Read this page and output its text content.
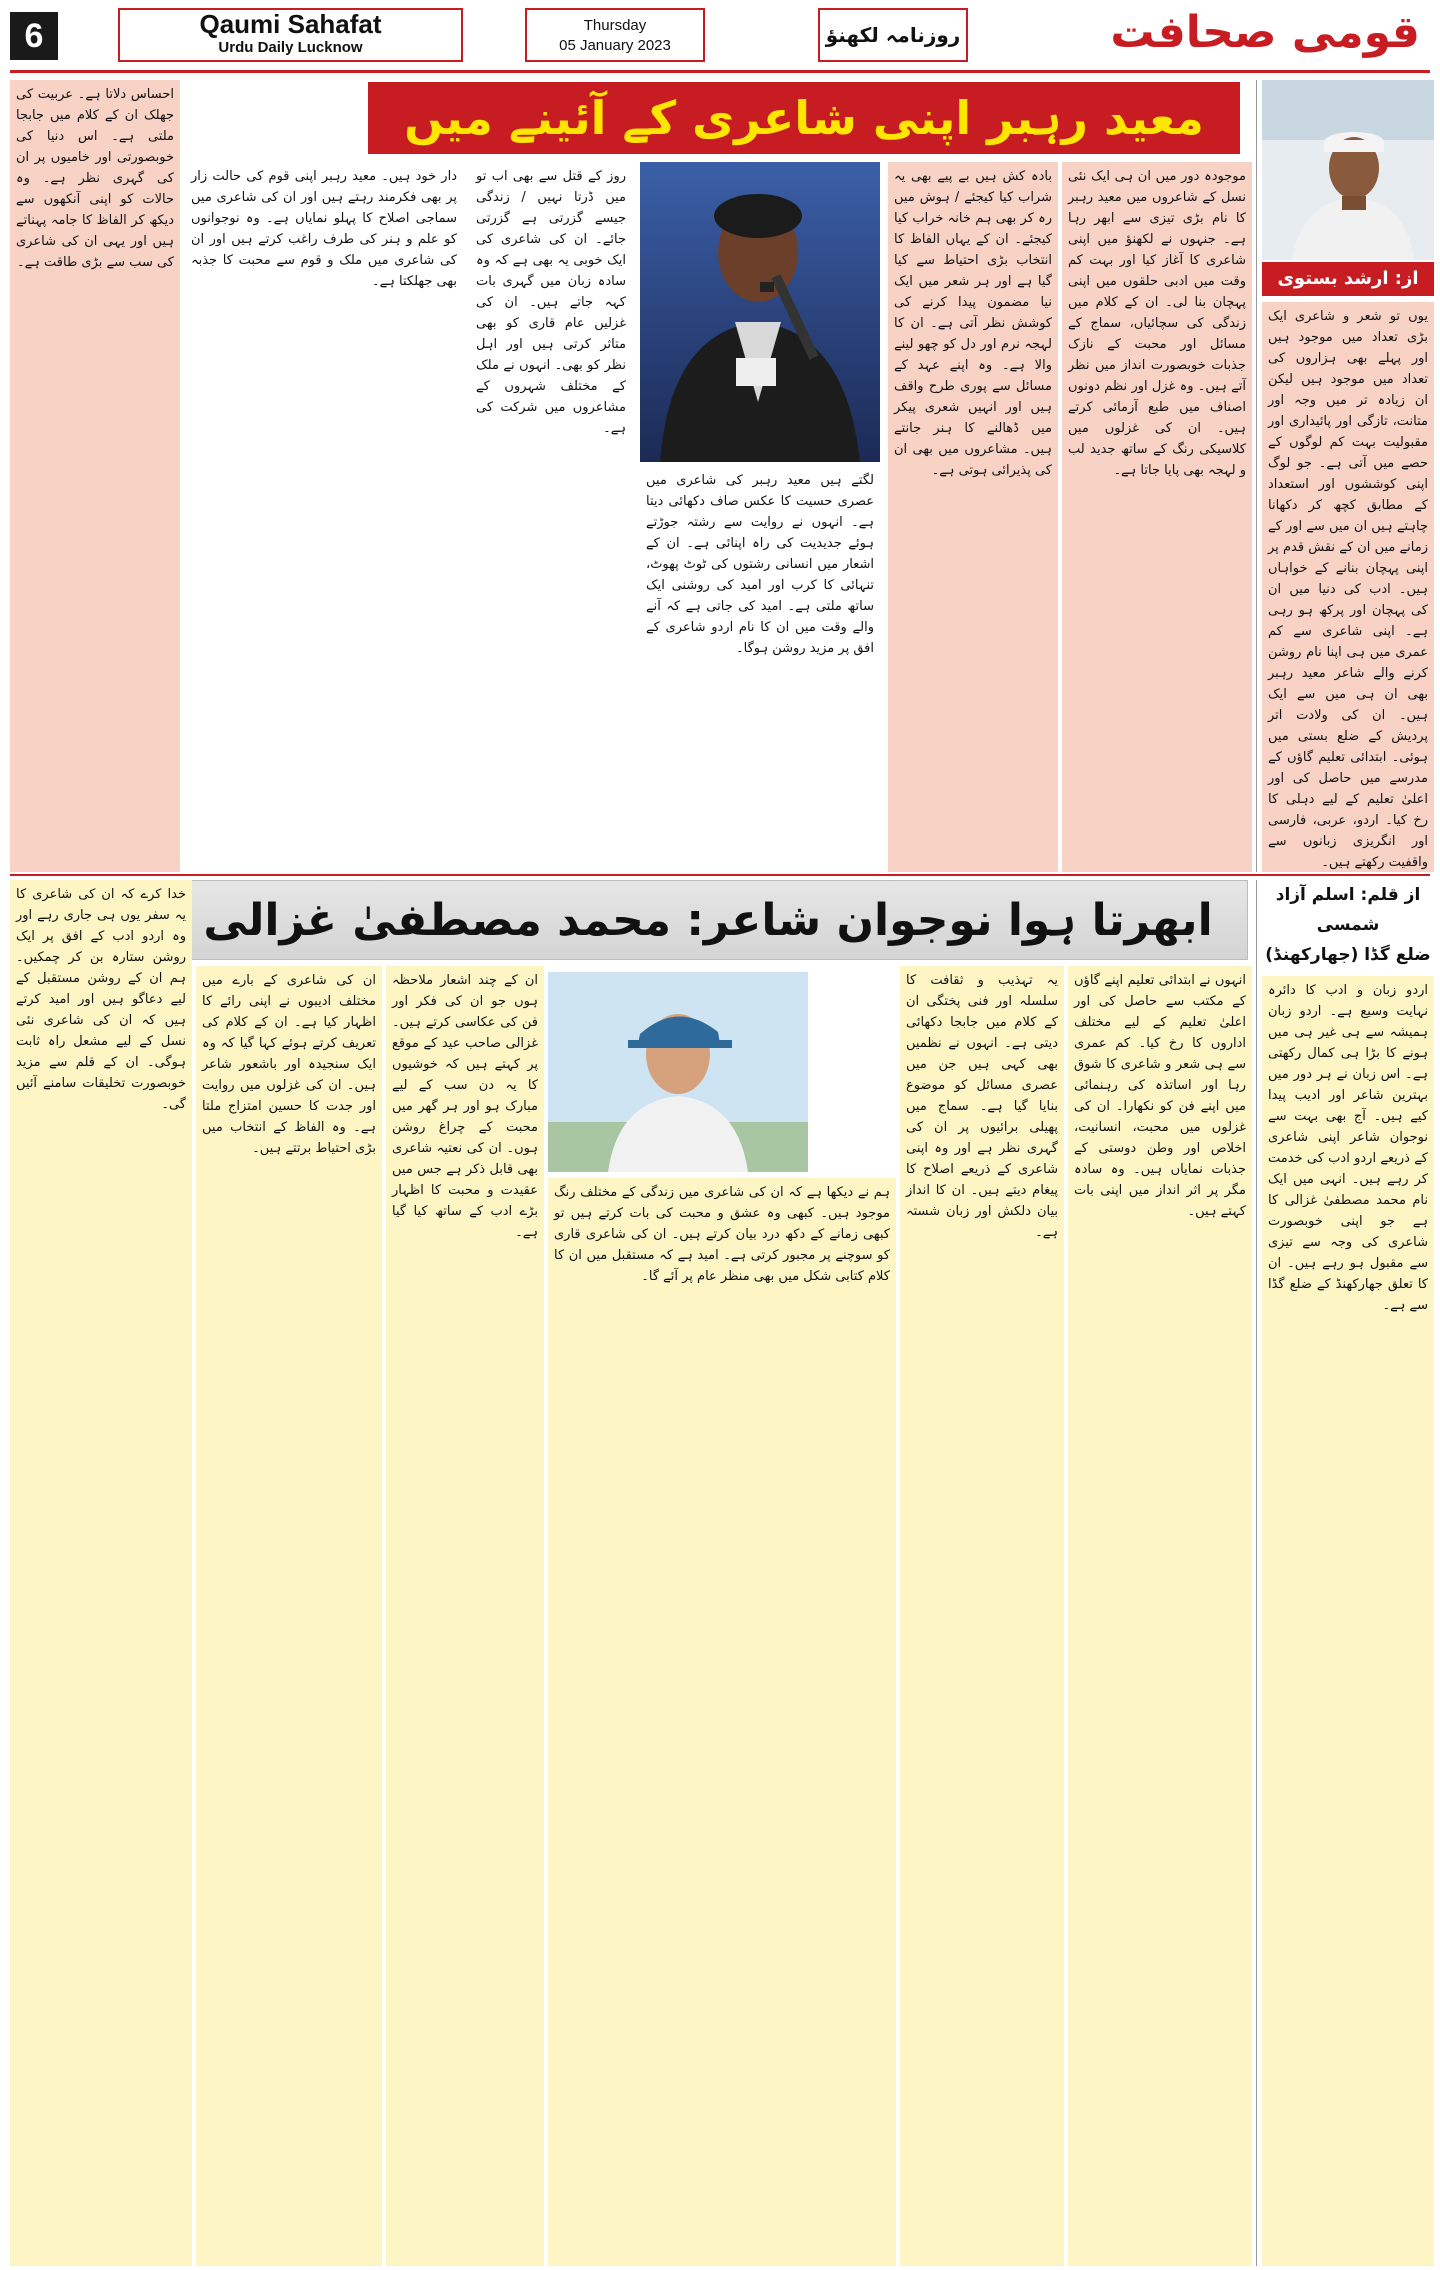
6	Qaumi Sahafat
Urdu Daily Lucknow
Thursday
05 January 2023	روزنامہ لکھنؤ	قومی صحافت
معید رہبر اپنی شاعری کے آئینے میں
از: ارشد بستوی
یوں تو شعر و شاعری ایک بڑی تعداد میں موجود ہیں اور پہلے بھی ہزاروں کی تعداد میں موجود ہیں لیکن ان زیادہ تر میں وجہ اور متانت، تازگی اور پائیداری اور مقبولیت بہت کم لوگوں کے حصے میں آتی ہے۔ جو لوگ اپنی کوششوں اور استعداد کے مطابق کچھ کر دکھانا چاہتے ہیں ان میں سے اور کے زمانے میں ان کے نقش قدم پر اپنی پہچان بنانے کے خواہاں ہیں۔ ادب کی دنیا میں ان کی پہچان اور پرکھ ہو رہی ہے۔ اپنی شاعری سے کم عمری میں ہی اپنا نام روشن کرنے والے شاعر معید رہبر بھی ان ہی میں سے ایک ہیں۔ ان کی ولادت اتر پردیش کے ضلع بستی میں ہوئی۔ ابتدائی تعلیم گاؤں کے مدرسے میں حاصل کی اور اعلیٰ تعلیم کے لیے دہلی کا رخ کیا۔ اردو، عربی، فارسی اور انگریزی زبانوں سے واقفیت رکھتے ہیں۔
موجودہ دور میں ان ہی ایک نئی نسل کے شاعروں میں معید رہبر کا نام بڑی تیزی سے ابھر رہا ہے۔ جنہوں نے لکھنؤ میں اپنی شاعری کا آغاز کیا اور بہت کم وقت میں ادبی حلقوں میں اپنی پہچان بنا لی۔ ان کے کلام میں زندگی کی سچائیاں، سماج کے مسائل اور محبت کے نازک جذبات خوبصورت انداز میں نظر آتے ہیں۔ وہ غزل اور نظم دونوں اصناف میں طبع آزمائی کرتے ہیں۔ ان کی غزلوں میں کلاسیکی رنگ کے ساتھ جدید لب و لہجہ بھی پایا جاتا ہے۔
بادہ کش ہیں بے پیے بھی یہ شراب کیا کیجئے / ہوش میں رہ کر بھی ہم خانہ خراب کیا کیجئے۔ ان کے یہاں الفاظ کا انتخاب بڑی احتیاط سے کیا گیا ہے اور ہر شعر میں ایک نیا مضمون پیدا کرنے کی کوشش نظر آتی ہے۔ ان کا لہجہ نرم اور دل کو چھو لینے والا ہے۔ وہ اپنے عہد کے مسائل سے پوری طرح واقف ہیں اور انہیں شعری پیکر میں ڈھالنے کا ہنر جانتے ہیں۔ مشاعروں میں بھی ان کی پذیرائی ہوتی ہے۔
لگتے ہیں معید رہبر کی شاعری میں عصری حسیت کا عکس صاف دکھائی دیتا ہے۔ انہوں نے روایت سے رشتہ جوڑتے ہوئے جدیدیت کی راہ اپنائی ہے۔ ان کے اشعار میں انسانی رشتوں کی ٹوٹ پھوٹ، تنہائی کا کرب اور امید کی روشنی ایک ساتھ ملتی ہے۔ امید کی جاتی ہے کہ آنے والے وقت میں ان کا نام اردو شاعری کے افق پر مزید روشن ہوگا۔
روز کے قتل سے بھی اب تو میں ڈرتا نہیں / زندگی جیسے گزرتی ہے گزرتی جائے۔ ان کی شاعری کی ایک خوبی یہ بھی ہے کہ وہ سادہ زبان میں گہری بات کہہ جاتے ہیں۔ ان کی غزلیں عام قاری کو بھی متاثر کرتی ہیں اور اہل نظر کو بھی۔ انہوں نے ملک کے مختلف شہروں کے مشاعروں میں شرکت کی ہے۔
دار خود ہیں۔ معید رہبر اپنی قوم کی حالت زار پر بھی فکرمند رہتے ہیں اور ان کی شاعری میں سماجی اصلاح کا پہلو نمایاں ہے۔ وہ نوجوانوں کو علم و ہنر کی طرف راغب کرتے ہیں اور ان کی شاعری میں ملک و قوم سے محبت کا جذبہ بھی جھلکتا ہے۔
احساس دلاتا ہے۔ عربیت کی جھلک ان کے کلام میں جابجا ملتی ہے۔ اس دنیا کی خوبصورتی اور خامیوں پر ان کی گہری نظر ہے۔ وہ حالات کو اپنی آنکھوں سے دیکھ کر الفاظ کا جامہ پہناتے ہیں اور یہی ان کی شاعری کی سب سے بڑی طاقت ہے۔
ابھرتا ہوا نوجوان شاعر: محمد مصطفیٰ غزالی	از قلم: اسلم آزاد شمسی
ضلع گڈا (جھارکھنڈ)
اردو زبان و ادب کا دائرہ نہایت وسیع ہے۔ اردو زبان ہمیشہ سے ہی غیر ہی میں ہونے کا بڑا ہی کمال رکھتی ہے۔ اس زبان نے ہر دور میں بہترین شاعر اور ادیب پیدا کیے ہیں۔ آج بھی بہت سے نوجوان شاعر اپنی شاعری کے ذریعے اردو ادب کی خدمت کر رہے ہیں۔ انہی میں ایک نام محمد مصطفیٰ غزالی کا ہے جو اپنی خوبصورت شاعری کی وجہ سے تیزی سے مقبول ہو رہے ہیں۔ ان کا تعلق جھارکھنڈ کے ضلع گڈا سے ہے۔
انہوں نے ابتدائی تعلیم اپنے گاؤں کے مکتب سے حاصل کی اور اعلیٰ تعلیم کے لیے مختلف اداروں کا رخ کیا۔ کم عمری سے ہی شعر و شاعری کا شوق رہا اور اساتذہ کی رہنمائی میں اپنے فن کو نکھارا۔ ان کی غزلوں میں محبت، انسانیت، اخلاص اور وطن دوستی کے جذبات نمایاں ہیں۔ وہ سادہ مگر پر اثر انداز میں اپنی بات کہتے ہیں۔
یہ تہذیب و ثقافت کا سلسلہ اور فنی پختگی ان کے کلام میں جابجا دکھائی دیتی ہے۔ انہوں نے نظمیں بھی کہی ہیں جن میں عصری مسائل کو موضوع بنایا گیا ہے۔ سماج میں پھیلی برائیوں پر ان کی گہری نظر ہے اور وہ اپنی شاعری کے ذریعے اصلاح کا پیغام دیتے ہیں۔ ان کا انداز بیان دلکش اور زبان شستہ ہے۔
ہم نے دیکھا ہے کہ ان کی شاعری میں زندگی کے مختلف رنگ موجود ہیں۔ کبھی وہ عشق و محبت کی بات کرتے ہیں تو کبھی زمانے کے دکھ درد بیان کرتے ہیں۔ ان کی شاعری قاری کو سوچنے پر مجبور کرتی ہے۔ امید ہے کہ مستقبل میں ان کا کلام کتابی شکل میں بھی منظر عام پر آئے گا۔
ان کے چند اشعار ملاحظہ ہوں جو ان کی فکر اور فن کی عکاسی کرتے ہیں۔ غزالی صاحب عید کے موقع پر کہتے ہیں کہ خوشیوں کا یہ دن سب کے لیے مبارک ہو اور ہر گھر میں محبت کے چراغ روشن ہوں۔ ان کی نعتیہ شاعری بھی قابل ذکر ہے جس میں عقیدت و محبت کا اظہار بڑے ادب کے ساتھ کیا گیا ہے۔
ان کی شاعری کے بارے میں مختلف ادیبوں نے اپنی رائے کا اظہار کیا ہے۔ ان کے کلام کی تعریف کرتے ہوئے کہا گیا کہ وہ ایک سنجیدہ اور باشعور شاعر ہیں۔ ان کی غزلوں میں روایت اور جدت کا حسین امتزاج ملتا ہے۔ وہ الفاظ کے انتخاب میں بڑی احتیاط برتتے ہیں۔
خدا کرے کہ ان کی شاعری کا یہ سفر یوں ہی جاری رہے اور وہ اردو ادب کے افق پر ایک روشن ستارہ بن کر چمکیں۔ ہم ان کے روشن مستقبل کے لیے دعاگو ہیں اور امید کرتے ہیں کہ ان کی شاعری نئی نسل کے لیے مشعل راہ ثابت ہوگی۔ ان کے قلم سے مزید خوبصورت تخلیقات سامنے آئیں گی۔
